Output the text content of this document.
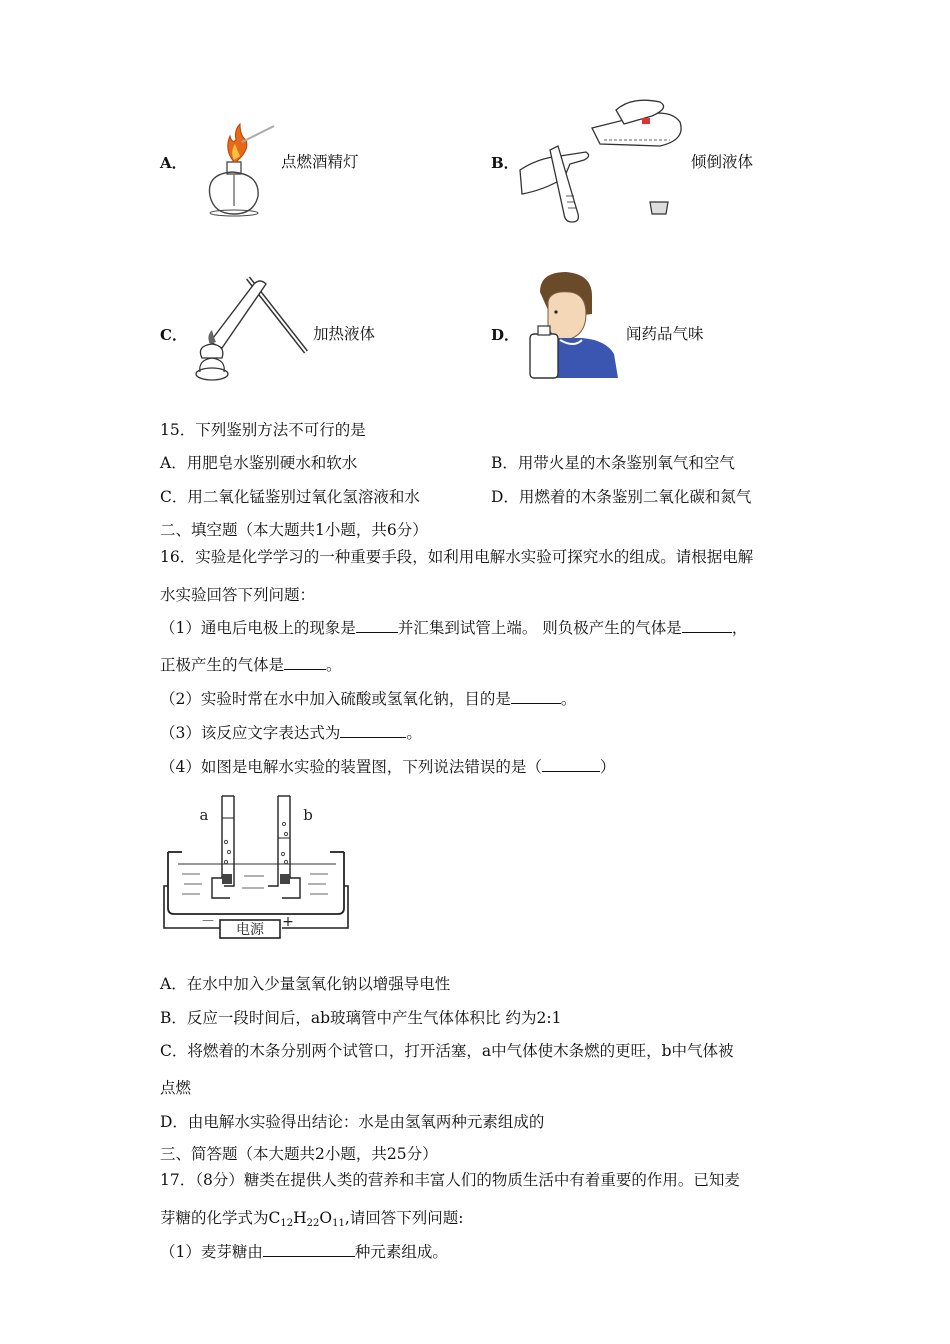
A．	点燃酒精灯	B．	倾倒液体
C．	加热液体	D．	闻药品气味
15．下列鉴别方法不可行的是
A．用肥皂水鉴别硬水和软水	B．用带火星的木条鉴别氧气和空气
C．用二氧化锰鉴别过氧化氢溶液和水	D．用燃着的木条鉴别二氧化碳和氮气
二、填空题（本大题共1小题，共6分）
16．实验是化学学习的一种重要手段，如利用电解水实验可探究水的组成。请根据电解
水实验回答下列问题：
（1）通电后电极上的现象是	并汇集到试管上端。 则负极产生的气体是	，
正极产生的气体是	。
（2）实验时常在水中加入硫酸或氢氧化钠，目的是	。
（3）该反应文字表达式为	。
（4）如图是电解水实验的装置图，下列说法错误的是（	）
电源
－	+
a	b
A．在水中加入少量氢氧化钠以增强导电性
B．反应一段时间后，ab玻璃管中产生气体体积比 约为2:1
C．将燃着的木条分别两个试管口，打开活塞，a中气体使木条燃的更旺，b中气体被
点燃
D．由电解水实验得出结论：水是由氢氧两种元素组成的
三、简答题（本大题共2小题，共25分）
17．（8分）糖类在提供人类的营养和丰富人们的物质生活中有着重要的作用。已知麦
芽糖的化学式为$C_{12}H_{22}O_{11}$,请回答下列问题:
（1）麦芽糖由	种元素组成。
